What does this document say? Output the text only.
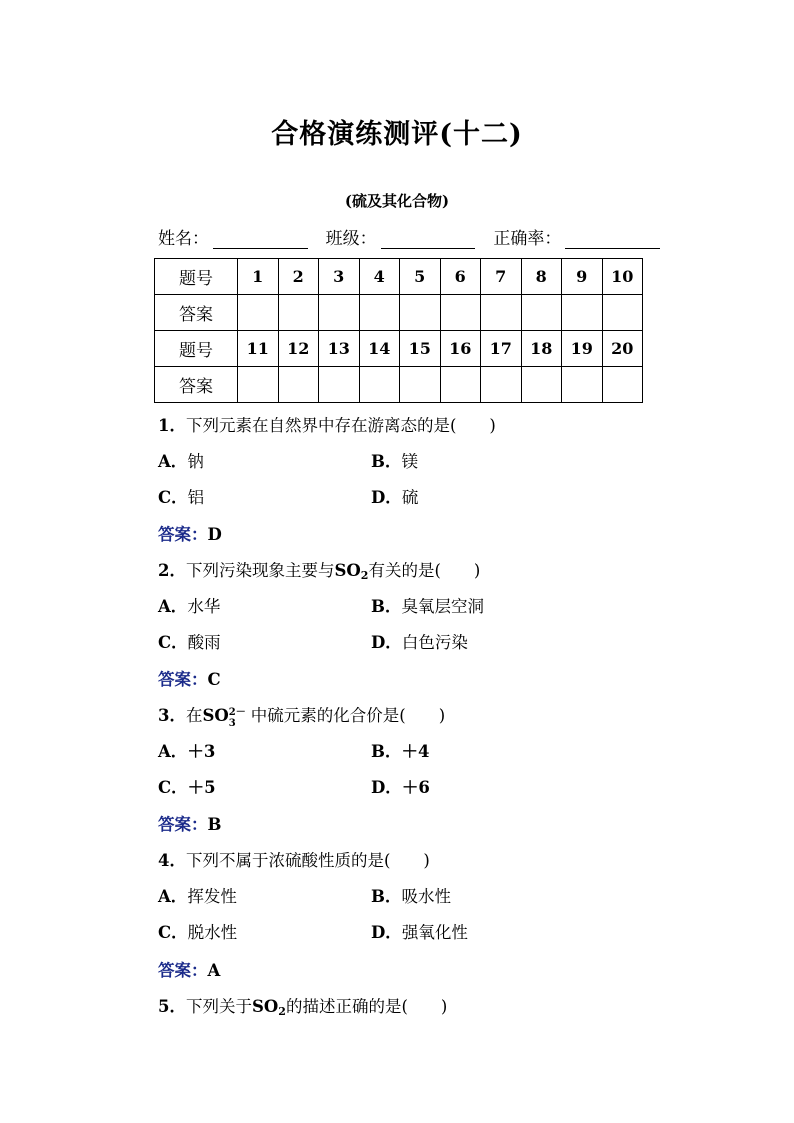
合格演练测评(十二)
(硫及其化合物)
姓名：	班级：	正确率：
题号	1	2	3	4	5	6	7	8	9	10
答案										
题号	11	12	13	14	15	16	17	18	19	20
答案										
1．下列元素在自然界中存在游离态的是(　　)
A．钠	B．镁
C．铝	D．硫
答案：D
2．下列污染现象主要与$SO_2$有关的是(　　)
A．水华	B．臭氧层空洞
C．酸雨	D．白色污染
答案：C
3．在SO 2－
3 中硫元素的化合价是(　　)
A．＋3	B．＋4
C．＋5	D．＋6
答案：B
4．下列不属于浓硫酸性质的是(　　)
A．挥发性	B．吸水性
C．脱水性	D．强氧化性
答案：A
5．下列关于$SO_2$的描述正确的是(　　)
